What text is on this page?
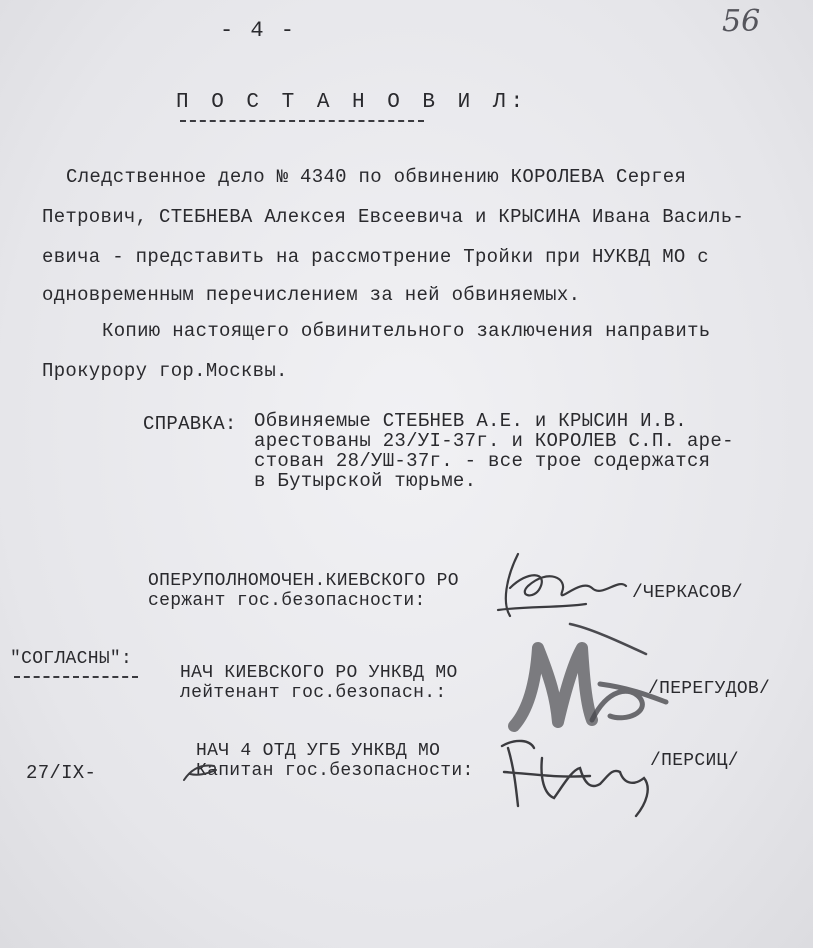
- 4 -	56
П О С Т А Н О В И Л:
Следственное дело № 4340 по обвинению КОРОЛЕВА Сергея
Петрович, СТЕБНЕВА Алексея Евсеевича и КРЫСИНА Ивана Василь-
евича - представить на рассмотрение Тройки при НУКВД МО с
одновременным перечислением за ней обвиняемых.
Копию настоящего обвинительного заключения направить
Прокурору гор.Москвы.
СПРАВКА: Обвиняемые СТЕБНЕВ А.Е. и КРЫСИН И.В.
арестованы 23/УI-37г. и КОРОЛЕВ С.П. аре-
стован 28/УШ-37г. - все трое содержатся
в Бутырской тюрьме.
ОПЕРУПОЛНОМОЧЕН.КИЕВСКОГО РО
сержант гос.безопасности:	/ЧЕРКАСОВ/
"СОГЛАСНЫ":
НАЧ КИЕВСКОГО РО УНКВД МО
лейтенант гос.безопасн.:	/ПЕРЕГУДОВ/
НАЧ 4 ОТД УГБ УНКВД МО
Капитан гос.безопасности:	/ПЕРСИЦ/
27/IX-
